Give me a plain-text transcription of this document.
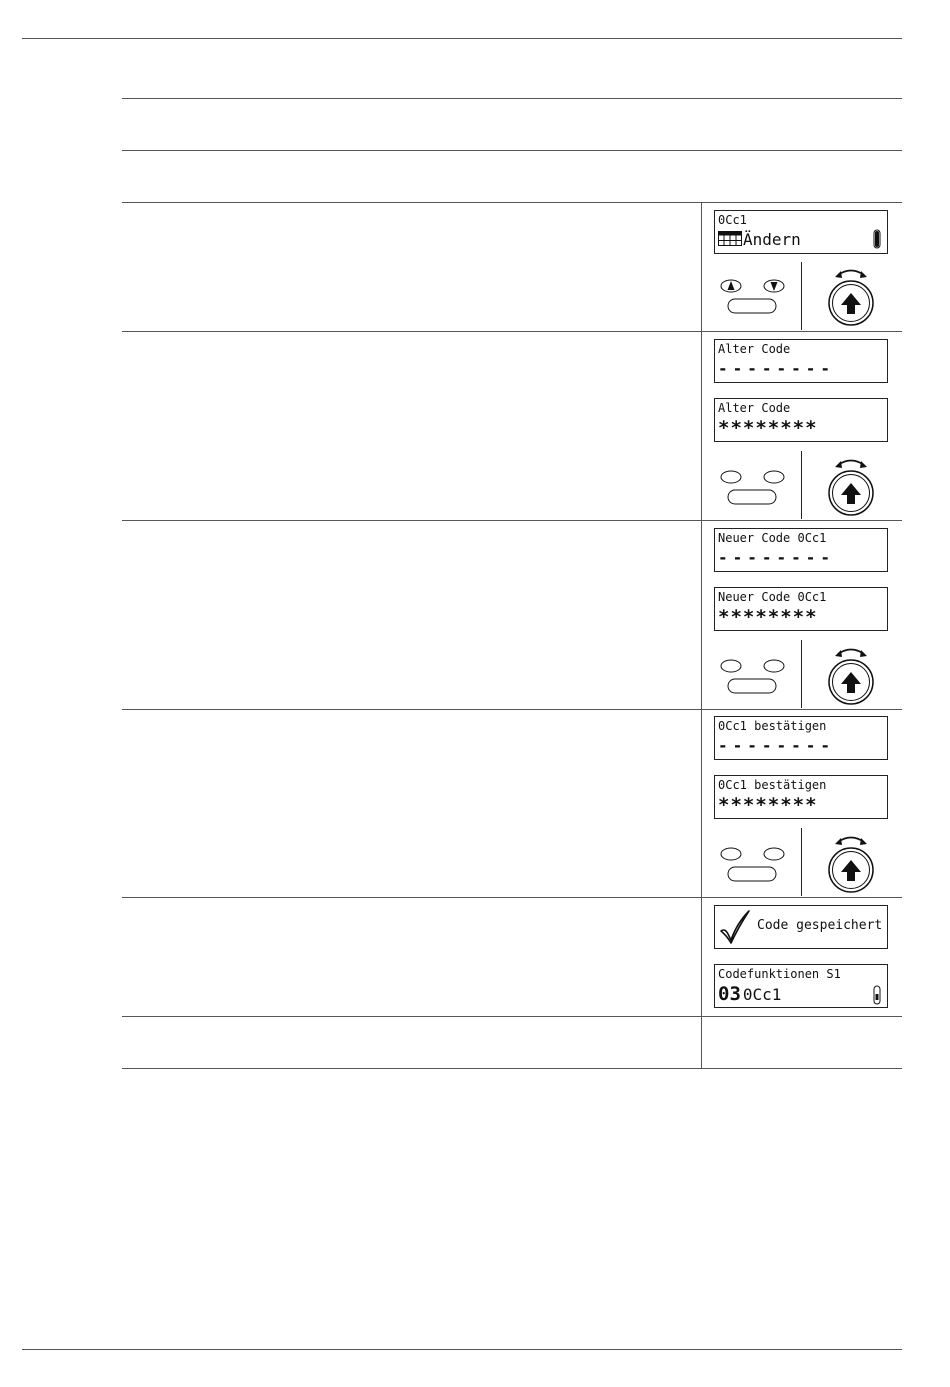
0Cc1
Ändern
Alter Code
--------
Alter Code
********
Neuer Code 0Cc1
--------
Neuer Code 0Cc1
********
0Cc1 bestätigen
--------
0Cc1 bestätigen
********
Code gespeichert
Codefunktionen S1
03 0Cc1
